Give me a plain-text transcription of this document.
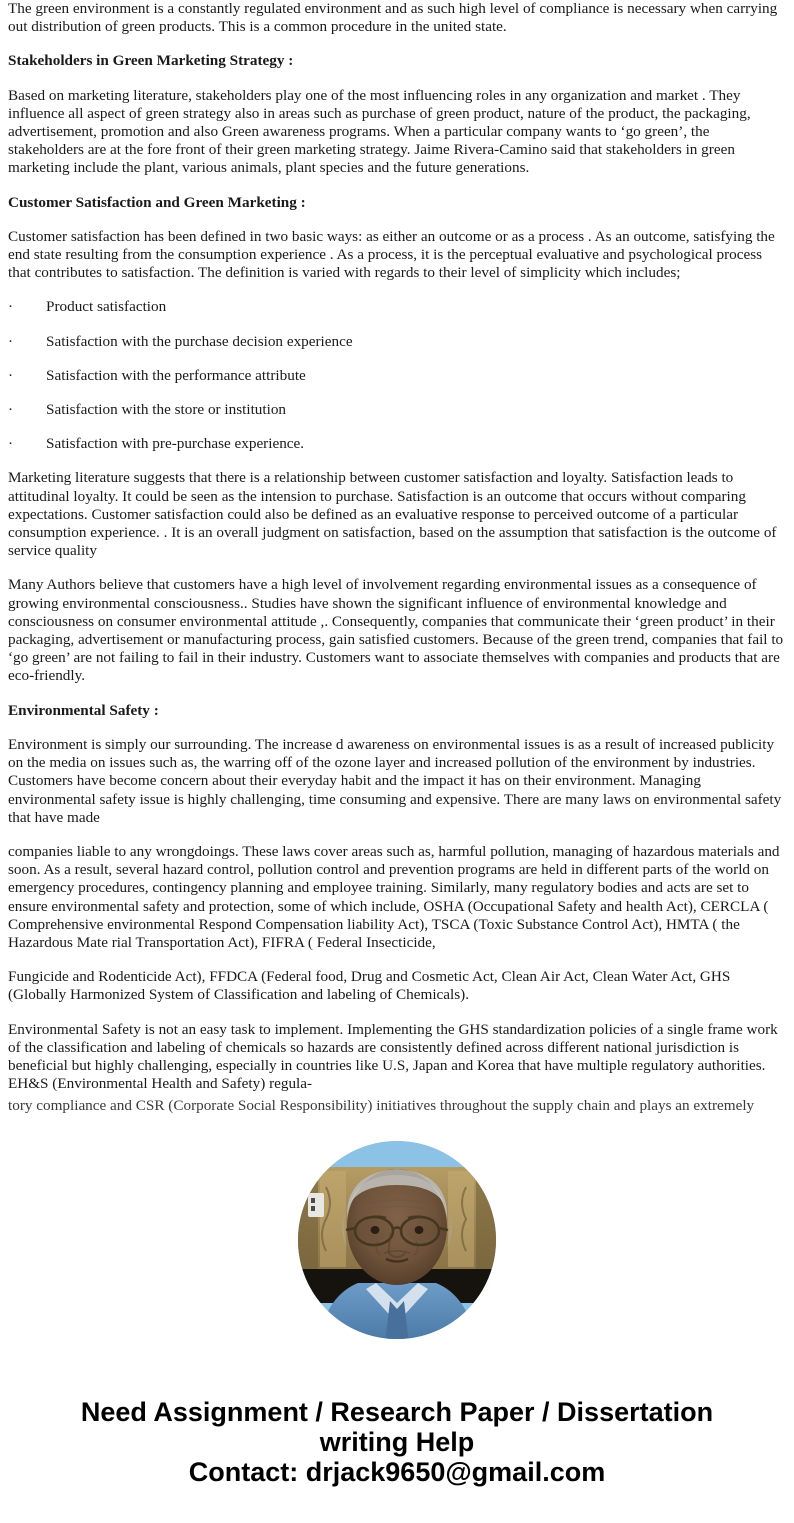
The green environment is a constantly regulated environment and as such high level of compliance is necessary when carrying out distribution of green products. This is a common procedure in the united state.

Stakeholders in Green Marketing Strategy :

Based on marketing literature, stakeholders play one of the most influencing roles in any organization and market . They influence all aspect of green strategy also in areas such as purchase of green product, nature of the product, the packaging, advertisement, promotion and also Green awareness programs. When a particular company wants to ‘go green’, the stakeholders are at the fore front of their green marketing strategy. Jaime Rivera-Camino said that stakeholders in green marketing include the plant, various animals, plant species and the future generations.

Customer Satisfaction and Green Marketing :

Customer satisfaction has been defined in two basic ways: as either an outcome or as a process . As an outcome, satisfying the end state resulting from the consumption experience . As a process, it is the perceptual evaluative and psychological process that contributes to satisfaction. The definition is varied with regards to their level of simplicity which includes;

·	Product satisfaction
·	Satisfaction with the purchase decision experience
·	Satisfaction with the performance attribute
·	Satisfaction with the store or institution
·	Satisfaction with pre-purchase experience.

Marketing literature suggests that there is a relationship between customer satisfaction and loyalty. Satisfaction leads to attitudinal loyalty. It could be seen as the intension to purchase. Satisfaction is an outcome that occurs without comparing expectations. Customer satisfaction could also be defined as an evaluative response to perceived outcome of a particular consumption experience. . It is an overall judgment on satisfaction, based on the assumption that satisfaction is the outcome of service quality

Many Authors believe that customers have a high level of involvement regarding environmental issues as a consequence of growing environmental consciousness.. Studies have shown the significant influence of environmental knowledge and consciousness on consumer environmental attitude ,. Consequently, companies that communicate their ‘green product’ in their packaging, advertisement or manufacturing process, gain satisfied customers. Because of the green trend, companies that fail to ‘go green’ are not failing to fail in their industry. Customers want to associate themselves with companies and products that are eco-friendly.

Environmental Safety :

Environment is simply our surrounding. The increase d awareness on environmental issues is as a result of increased publicity on the media on issues such as, the warring off of the ozone layer and increased pollution of the environment by industries. Customers have become concern about their everyday habit and the impact it has on their environment. Managing environmental safety issue is highly challenging, time consuming and expensive. There are many laws on environmental safety that have made

companies liable to any wrongdoings. These laws cover areas such as, harmful pollution, managing of hazardous materials and soon. As a result, several hazard control, pollution control and prevention programs are held in different parts of the world on emergency procedures, contingency planning and employee training. Similarly, many regulatory bodies and acts are set to ensure environmental safety and protection, some of which include, OSHA (Occupational Safety and health Act), CERCLA ( Comprehensive environmental Respond Compensation liability Act), TSCA (Toxic Substance Control Act), HMTA ( the Hazardous Mate rial Transportation Act), FIFRA ( Federal Insecticide,

Fungicide and Rodenticide Act), FFDCA (Federal food, Drug and Cosmetic Act, Clean Air Act, Clean Water Act, GHS (Globally Harmonized System of Classification and labeling of Chemicals).

Environmental Safety is not an easy task to implement. Implementing the GHS standardization policies of a single frame work of the classification and labeling of chemicals so hazards are consistently defined across different national jurisdiction is beneficial but highly challenging, especially in countries like U.S, Japan and Korea that have multiple regulatory authorities. EH&S (Environmental Health and Safety) regula-

tory compliance and CSR (Corporate Social Responsibility) initiatives throughout the supply chain and plays an extremely

Need Assignment / Research Paper / Dissertation
writing Help
Contact: drjack9650@gmail.com
